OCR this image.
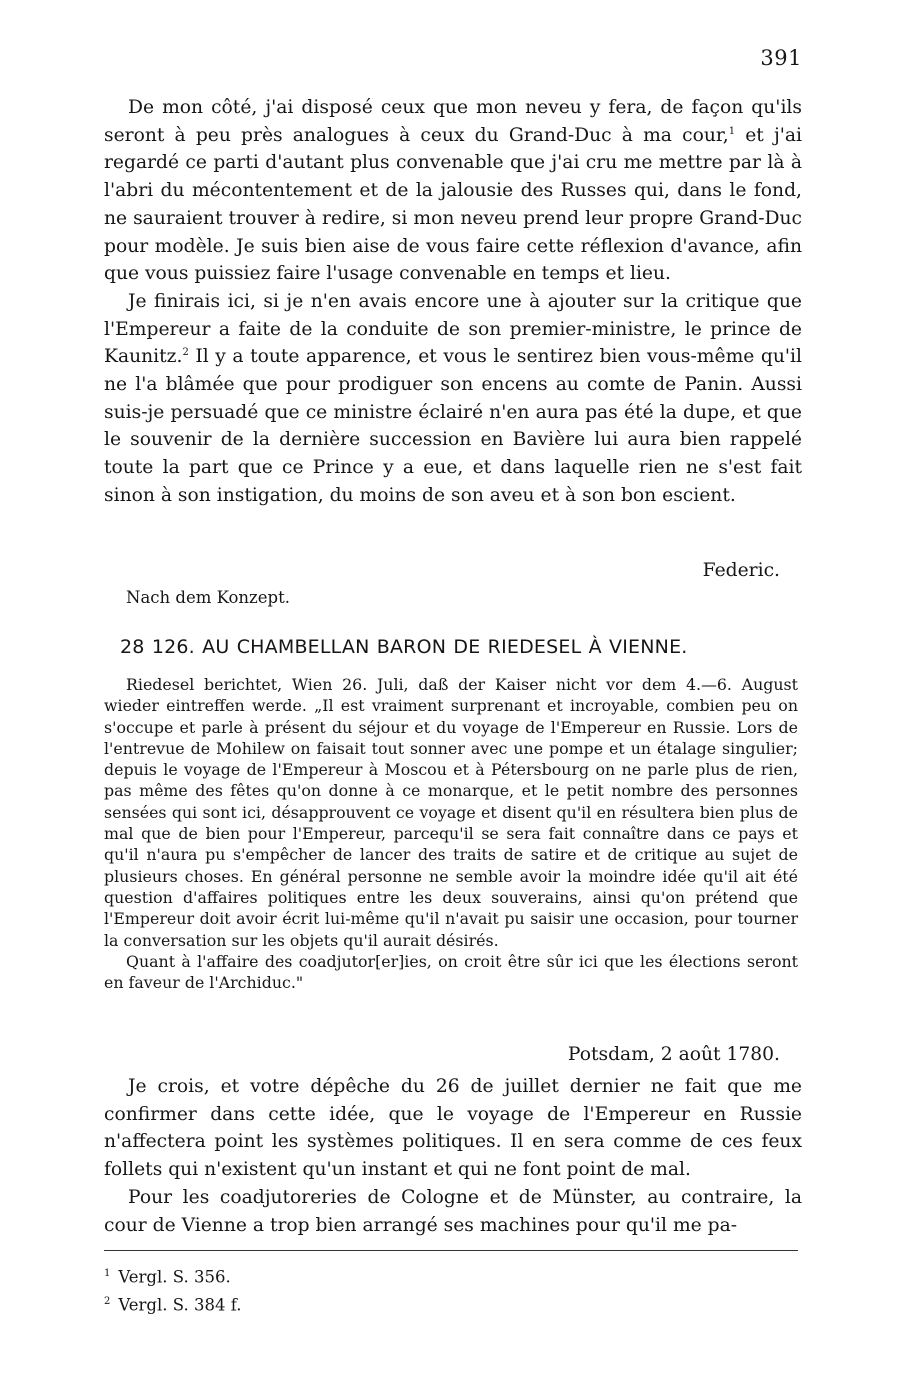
391

De mon côté, j'ai disposé ceux que mon neveu y fera, de façon qu'ils seront à peu près analogues à ceux du Grand-Duc à ma cour,$^1$ et j'ai regardé ce parti d'autant plus convenable que j'ai cru me mettre par là à l'abri du mécontentement et de la jalousie des Russes qui, dans le fond, ne sauraient trouver à redire, si mon neveu prend leur propre Grand-Duc pour modèle. Je suis bien aise de vous faire cette réflexion d'avance, afin que vous puissiez faire l'usage convenable en temps et lieu.

Je finirais ici, si je n'en avais encore une à ajouter sur la critique que l'Empereur a faite de la conduite de son premier-ministre, le prince de Kaunitz.$^2$ Il y a toute apparence, et vous le sentirez bien vous-même qu'il ne l'a blâmée que pour prodiguer son encens au comte de Panin. Aussi suis-je persuadé que ce ministre éclairé n'en aura pas été la dupe, et que le souvenir de la dernière succession en Bavière lui aura bien rappelé toute la part que ce Prince y a eue, et dans laquelle rien ne s'est fait sinon à son instigation, du moins de son aveu et à son bon escient.

Federic.
Nach dem Konzept.
28 126. AU CHAMBELLAN BARON DE RIEDESEL À VIENNE.

Riedesel berichtet, Wien 26. Juli, daß der Kaiser nicht vor dem 4.—6. August wieder eintreffen werde. „Il est vraiment surprenant et incroyable, combien peu on s'occupe et parle à présent du séjour et du voyage de l'Empereur en Russie. Lors de l'entrevue de Mohilew on faisait tout sonner avec une pompe et un étalage singulier; depuis le voyage de l'Empereur à Moscou et à Pétersbourg on ne parle plus de rien, pas même des fêtes qu'on donne à ce monarque, et le petit nombre des personnes sensées qui sont ici, désapprouvent ce voyage et disent qu'il en résultera bien plus de mal que de bien pour l'Empereur, parcequ'il se sera fait connaître dans ce pays et qu'il n'aura pu s'empêcher de lancer des traits de satire et de critique au sujet de plusieurs choses. En général personne ne semble avoir la moindre idée qu'il ait été question d'affaires politiques entre les deux souverains, ainsi qu'on prétend que l'Empereur doit avoir écrit lui-même qu'il n'avait pu saisir une occasion, pour tourner la conversation sur les objets qu'il aurait désirés.

Quant à l'affaire des coadjutor[er]ies, on croit être sûr ici que les élections seront en faveur de l'Archiduc."

Potsdam, 2 août 1780.

Je crois, et votre dépêche du 26 de juillet dernier ne fait que me confirmer dans cette idée, que le voyage de l'Empereur en Russie n'affectera point les systèmes politiques. Il en sera comme de ces feux follets qui n'existent qu'un instant et qui ne font point de mal.

Pour les coadjutoreries de Cologne et de Münster, au contraire, la cour de Vienne a trop bien arrangé ses machines pour qu'il me pa-

$^1$ Vergl. S. 356.
$^2$ Vergl. S. 384 f.
